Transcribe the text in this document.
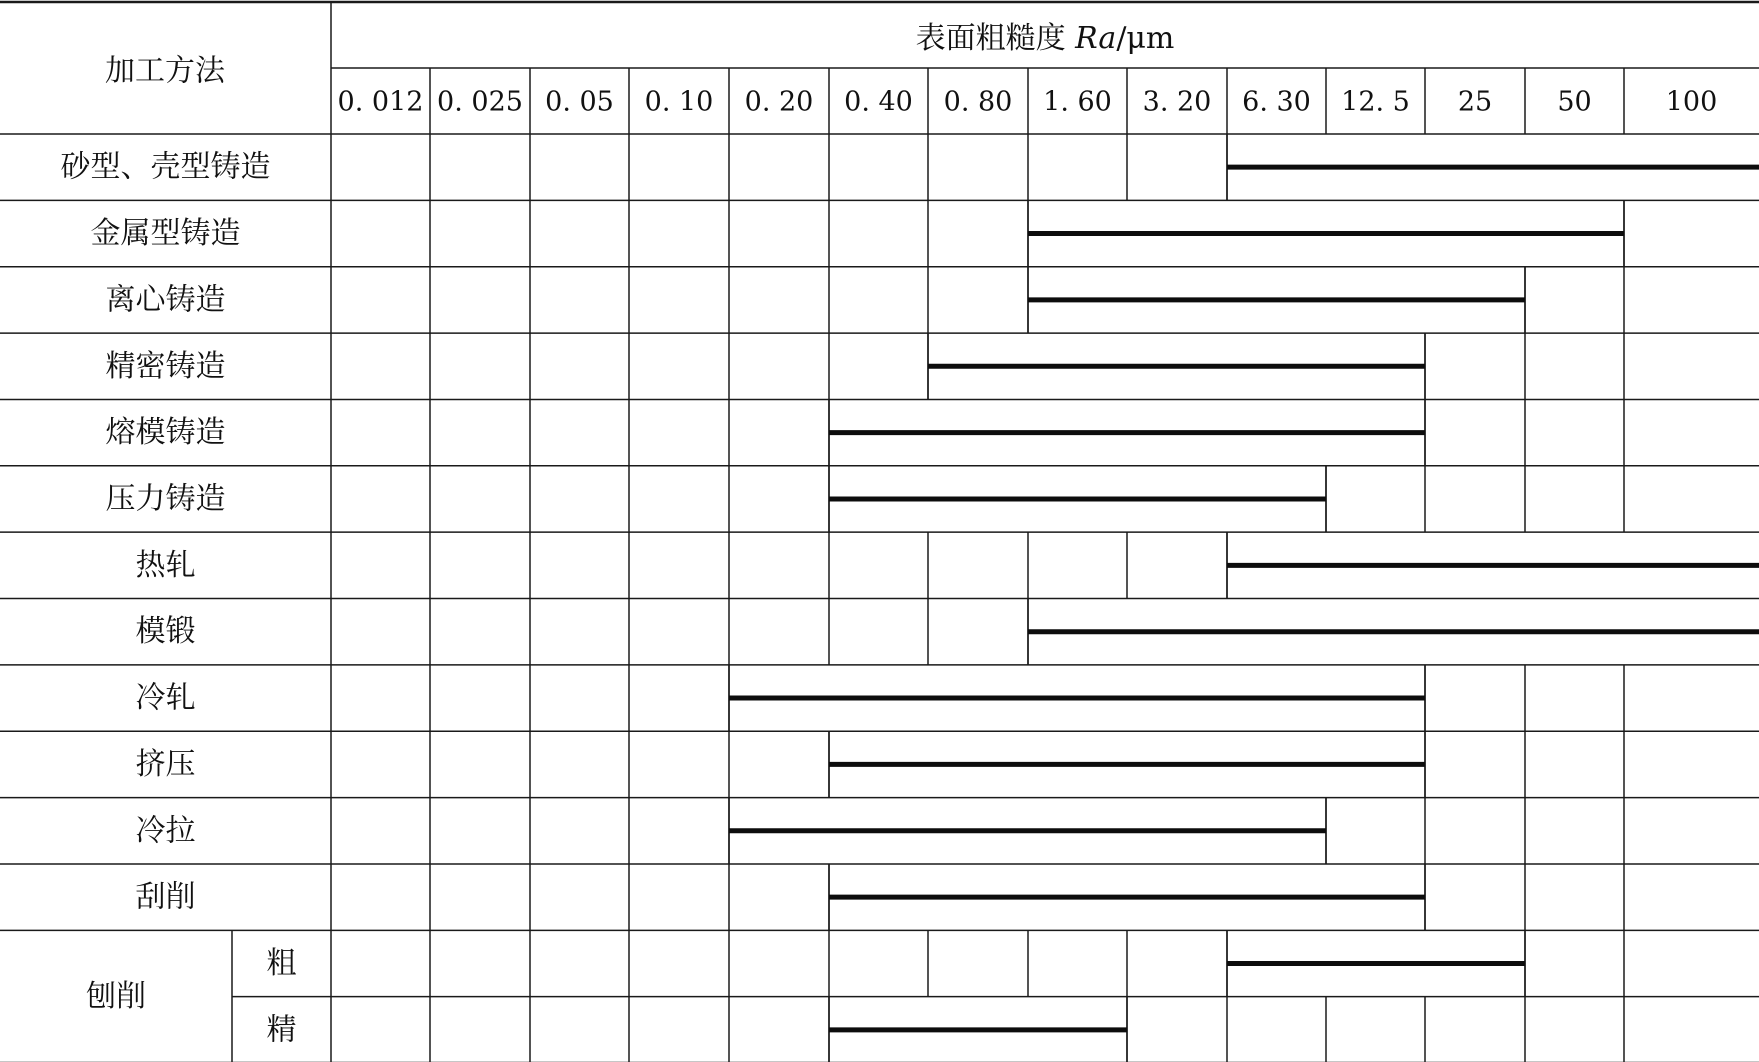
加工方法
表面粗糙度 Ra/μm
0. 012 0. 025 0. 05 0. 10 0. 20 0. 40 0. 80 1. 60 3. 20 6. 30 12. 5 25 50	100
砂型、壳型铸造
金属型铸造
离心铸造
精密铸造
熔模铸造
压力铸造
热轧
模锻
冷轧
挤压
冷拉
刮削
刨削
粗
精
